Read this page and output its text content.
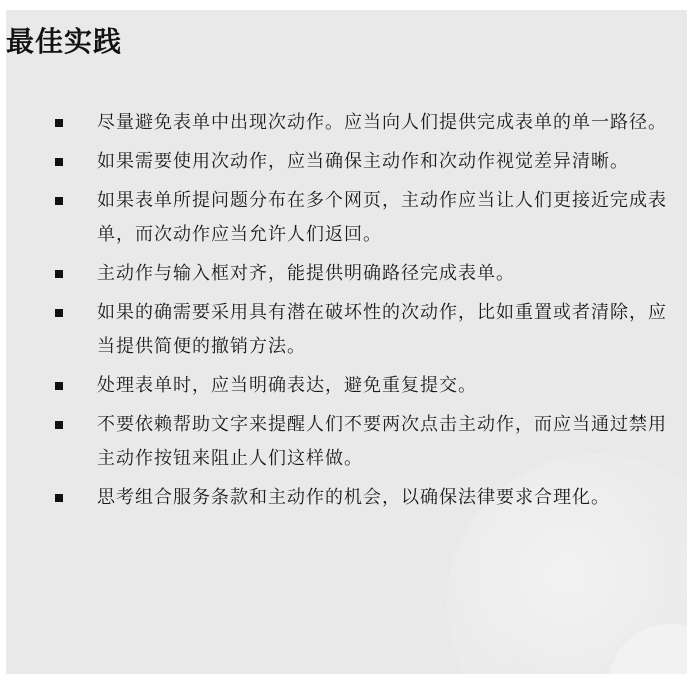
最佳实践
尽量避免表单中出现次动作。应当向人们提供完成表单的单一路径。
如果需要使用次动作，应当确保主动作和次动作视觉差异清晰。
如果表单所提问题分布在多个网页，主动作应当让人们更接近完成表单，而次动作应当允许人们返回。
主动作与输入框对齐，能提供明确路径完成表单。
如果的确需要采用具有潜在破坏性的次动作，比如重置或者清除，应当提供简便的撤销方法。
处理表单时，应当明确表达，避免重复提交。
不要依赖帮助文字来提醒人们不要两次点击主动作，而应当通过禁用主动作按钮来阻止人们这样做。
思考组合服务条款和主动作的机会，以确保法律要求合理化。
